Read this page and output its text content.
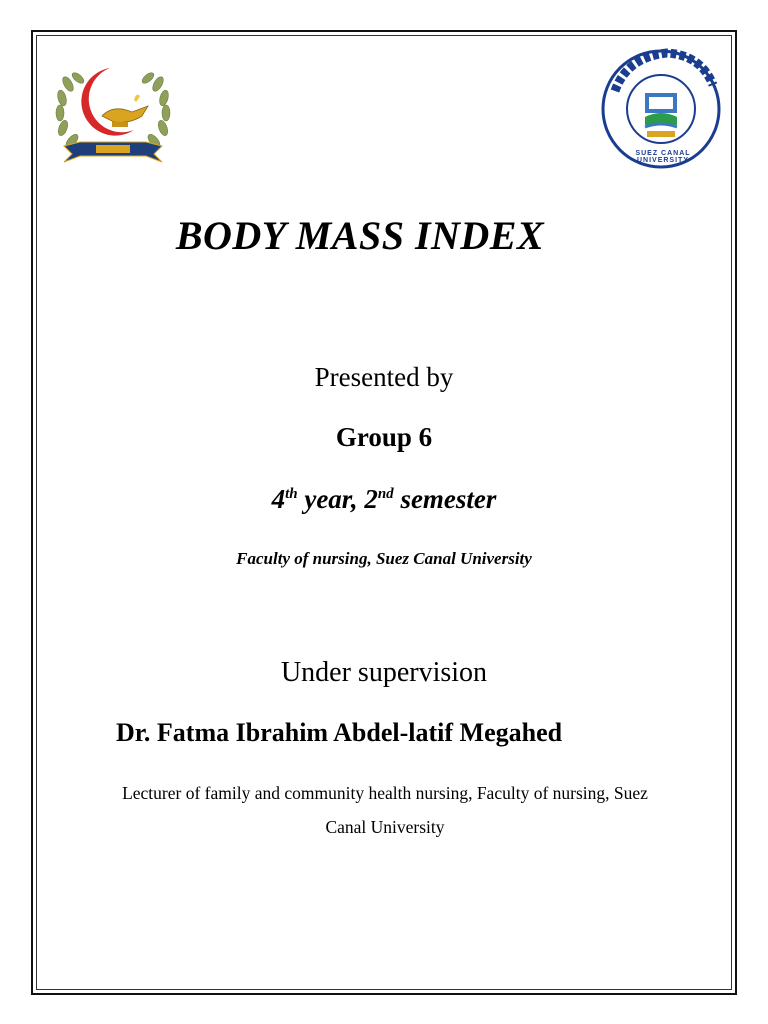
SUEZ CANAL UNIVERSITY
BODY MASS INDEX
Presented by
Group 6
4th year, 2nd semester
Faculty of nursing, Suez Canal University
Under supervision
Dr. Fatma Ibrahim Abdel-latif Megahed
Lecturer of family and community health nursing, Faculty of nursing, Suez Canal University
